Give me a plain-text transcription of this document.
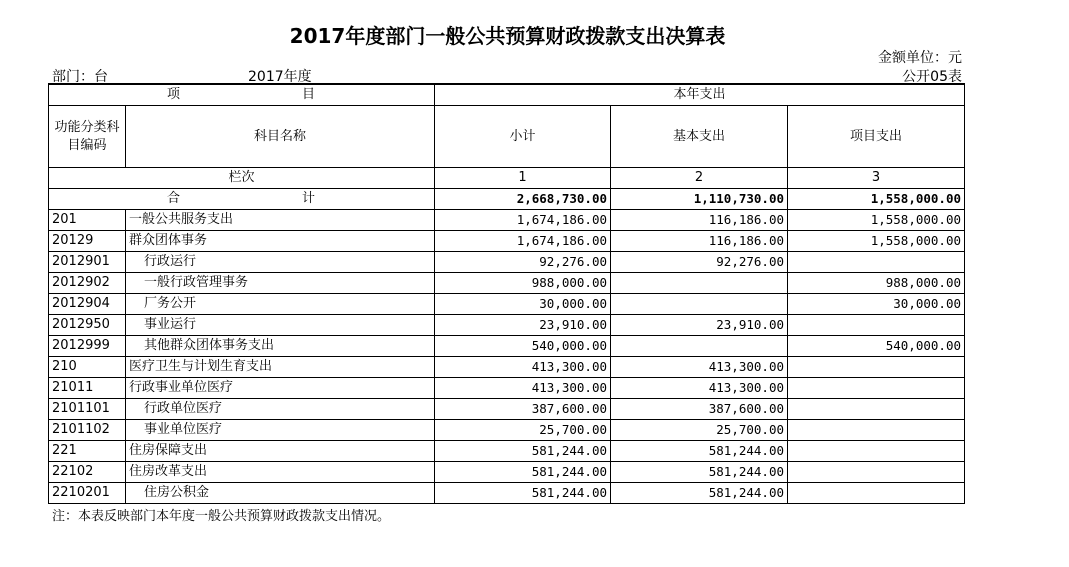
2017年度部门一般公共预算财政拨款支出决算表
金额单位：元
部门：台	2017年度	公开05表
项 目		本年支出		
功能分类科目编码	科目名称	小计	基本支出	项目支出
栏次		1	2	3

合 计		2,668,730.00	1,110,730.00	1,558,000.00
201	一般公共服务支出	1,674,186.00	116,186.00	1,558,000.00
20129	群众团体事务	1,674,186.00	116,186.00	1,558,000.00
2012901	行政运行	92,276.00	92,276.00	
2012902	一般行政管理事务	988,000.00		988,000.00
2012904	厂务公开	30,000.00		30,000.00
2012950	事业运行	23,910.00	23,910.00	
2012999	其他群众团体事务支出	540,000.00		540,000.00
210	医疗卫生与计划生育支出	413,300.00	413,300.00	
21011	行政事业单位医疗	413,300.00	413,300.00	
2101101	行政单位医疗	387,600.00	387,600.00	
2101102	事业单位医疗	25,700.00	25,700.00	
221	住房保障支出	581,244.00	581,244.00	
22102	住房改革支出	581,244.00	581,244.00	
2210201	住房公积金	581,244.00	581,244.00	
注：本表反映部门本年度一般公共预算财政拨款支出情况。
